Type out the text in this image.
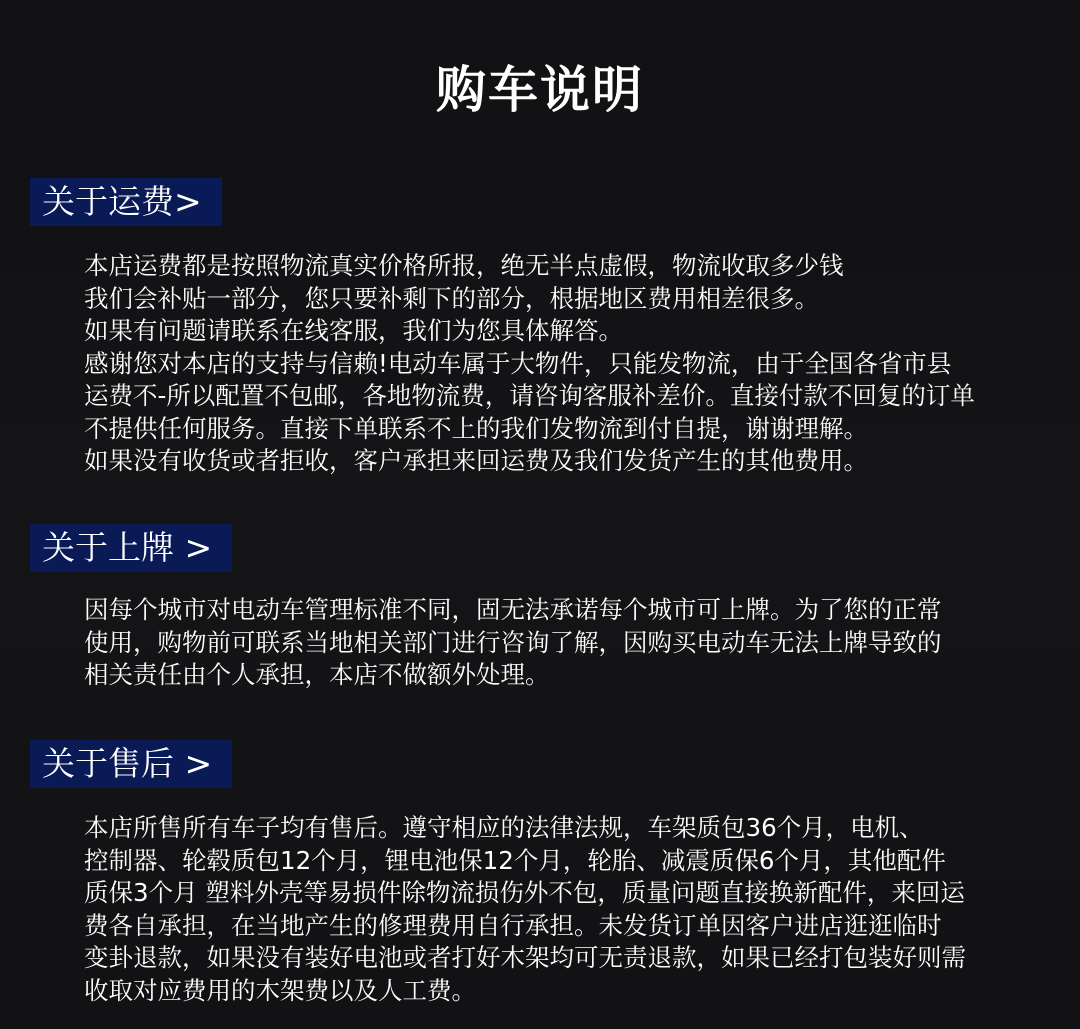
购车说明
关于运费>
本店运费都是按照物流真实价格所报，绝无半点虚假，物流收取多少钱
我们会补贴一部分，您只要补剩下的部分，根据地区费用相差很多。
如果有问题请联系在线客服，我们为您具体解答。
感谢您对本店的支持与信赖!电动车属于大物件，只能发物流，由于全国各省市县
运费不-所以配置不包邮，各地物流费，请咨询客服补差价。直接付款不回复的订单
不提供任何服务。直接下单联系不上的我们发物流到付自提，谢谢理解。
如果没有收货或者拒收，客户承担来回运费及我们发货产生的其他费用。
关于上牌 >
因每个城市对电动车管理标准不同，固无法承诺每个城市可上牌。为了您的正常
使用，购物前可联系当地相关部门进行咨询了解，因购买电动车无法上牌导致的
相关责任由个人承担，本店不做额外处理。
关于售后 >
本店所售所有车子均有售后。遵守相应的法律法规，车架质包36个月，电机、
控制器、轮毂质包12个月，锂电池保12个月，轮胎、减震质保6个月，其他配件
质保3个月 塑料外壳等易损件除物流损伤外不包，质量问题直接换新配件，来回运
费各自承担，在当地产生的修理费用自行承担。未发货订单因客户进店逛逛临时
变卦退款，如果没有装好电池或者打好木架均可无责退款，如果已经打包装好则需
收取对应费用的木架费以及人工费。
